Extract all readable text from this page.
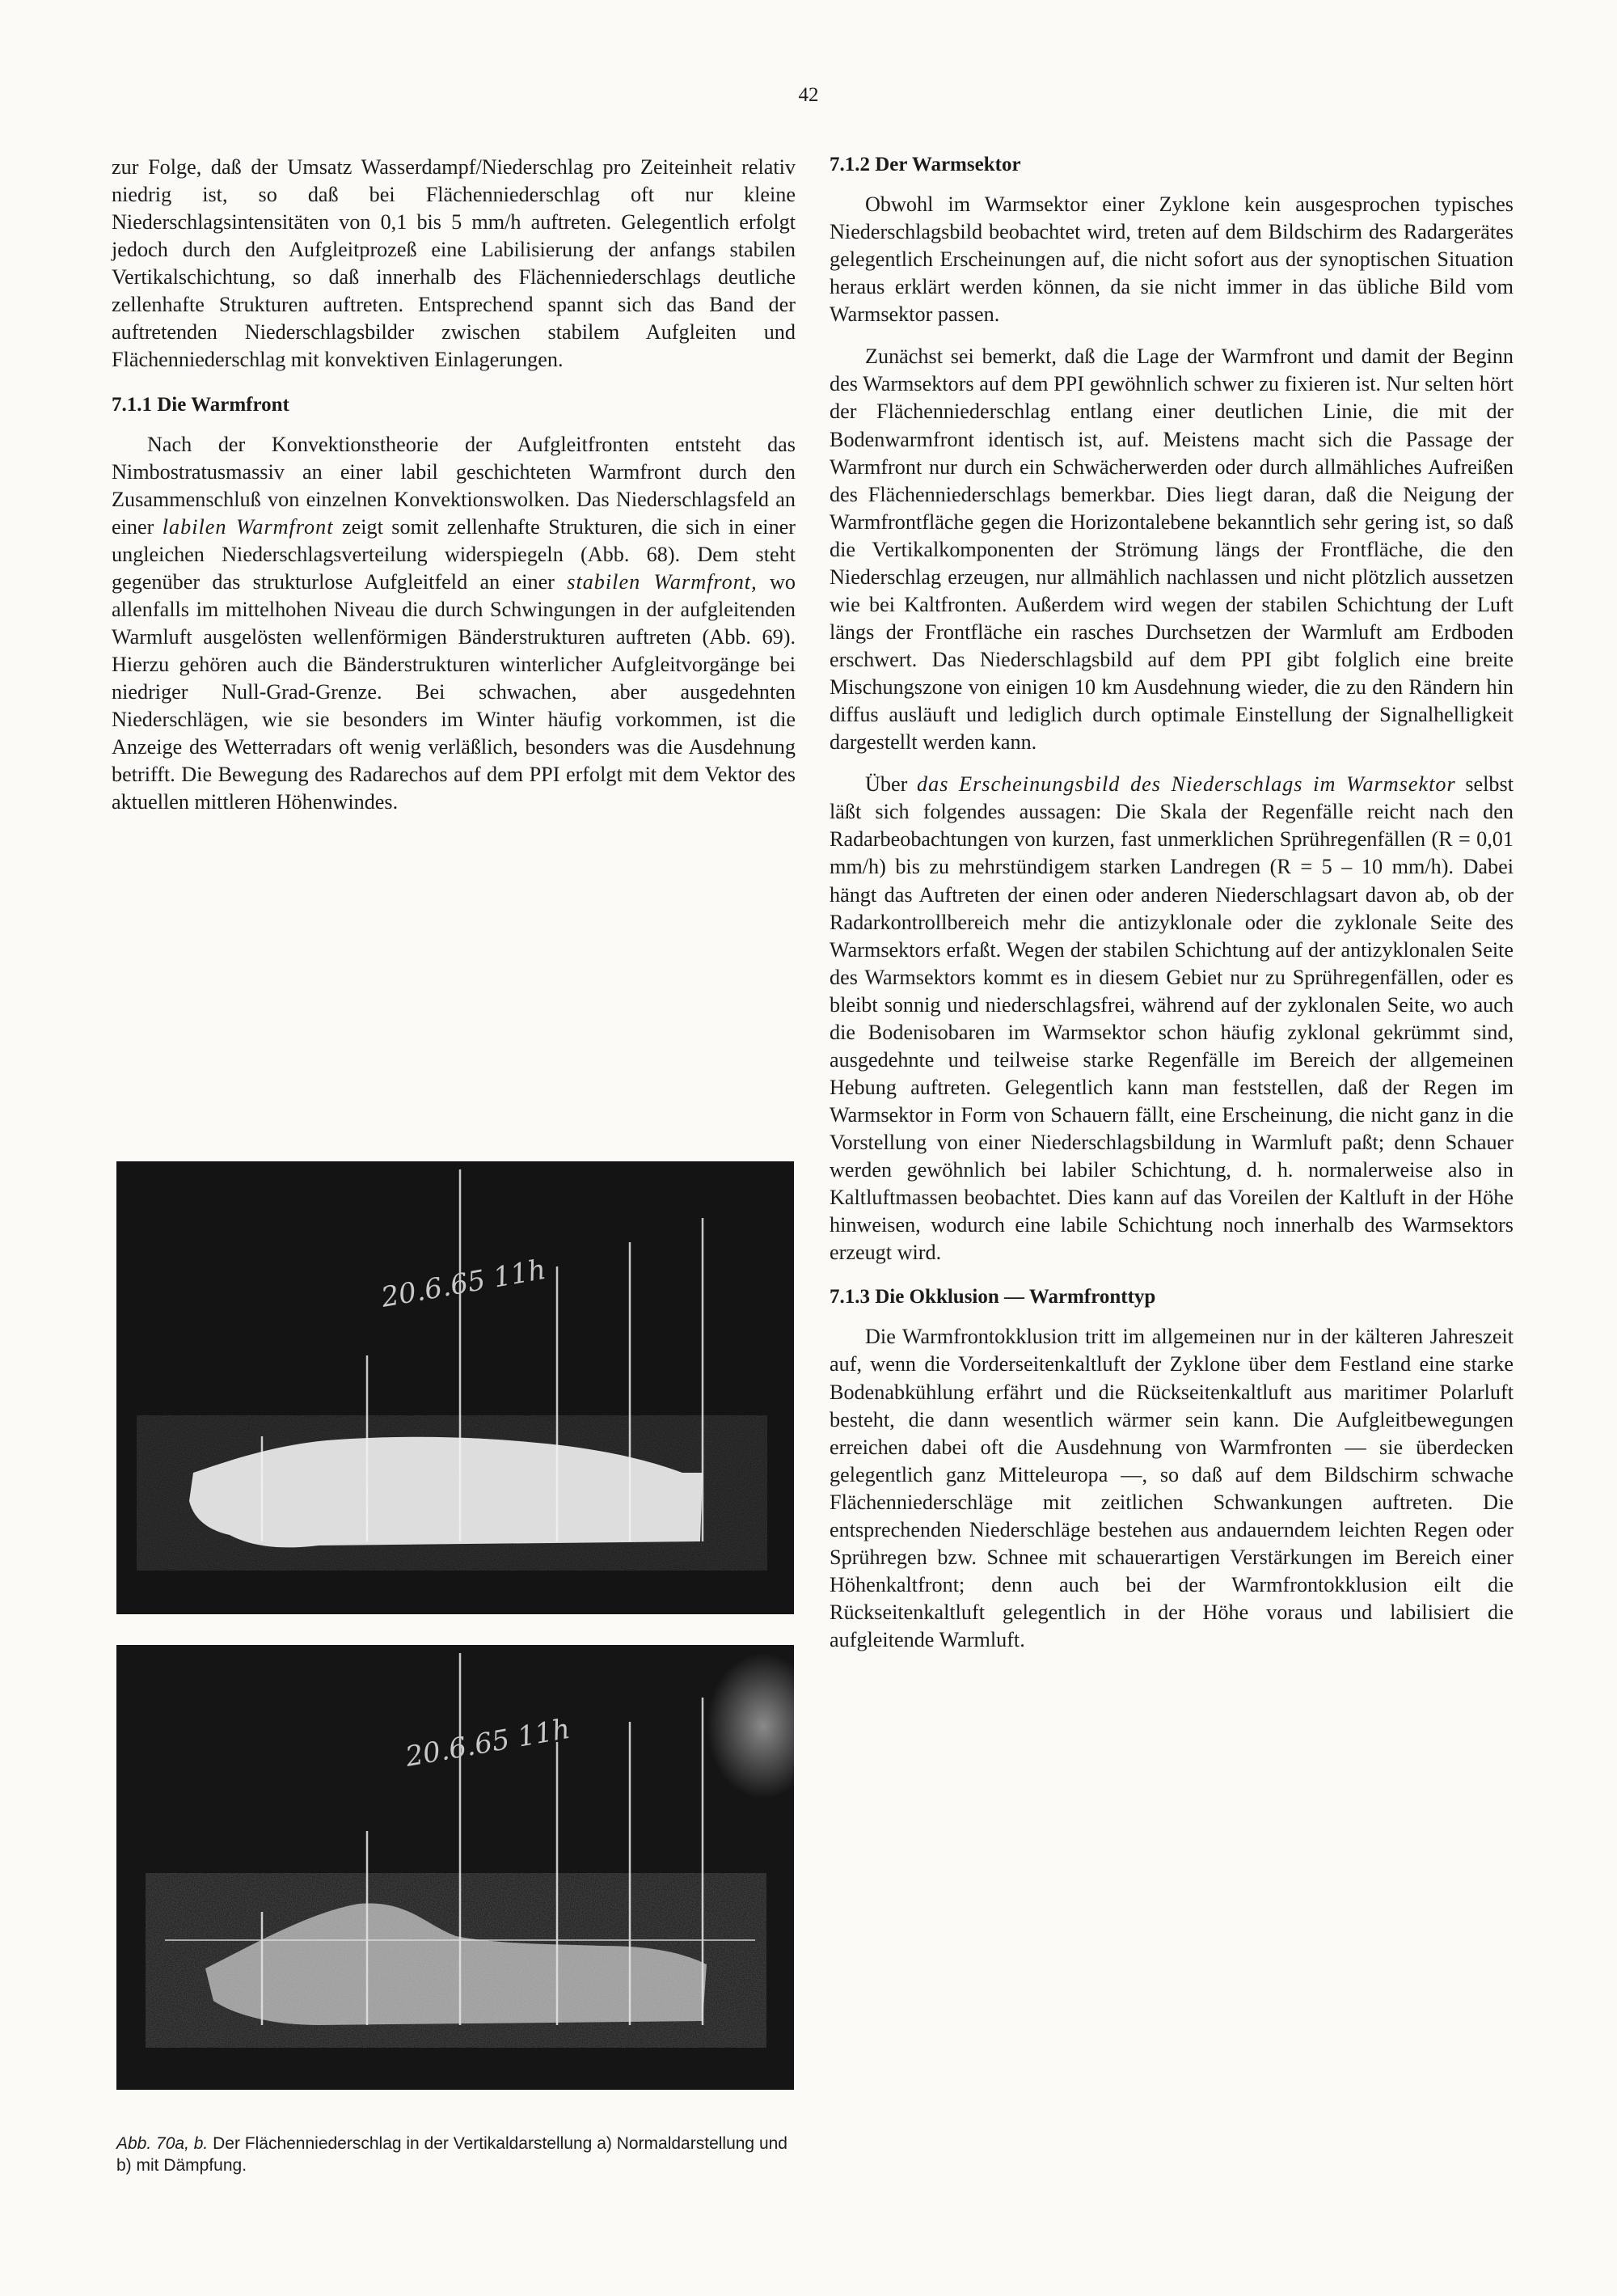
42

zur Folge, daß der Umsatz Wasserdampf/Niederschlag pro Zeiteinheit relativ niedrig ist, so daß bei Flächenniederschlag oft nur kleine Niederschlagsintensitäten von 0,1 bis 5 mm/h auftreten. Gelegentlich erfolgt jedoch durch den Aufgleitprozeß eine Labilisierung der anfangs stabilen Vertikalschichtung, so daß innerhalb des Flächenniederschlags deutliche zellenhafte Strukturen auftreten. Entsprechend spannt sich das Band der auftretenden Niederschlagsbilder zwischen stabilem Aufgleiten und Flächenniederschlag mit konvektiven Einlagerungen.

7.1.1 Die Warmfront

Nach der Konvektionstheorie der Aufgleitfronten entsteht das Nimbostratusmassiv an einer labil geschichteten Warmfront durch den Zusammenschluß von einzelnen Konvektionswolken. Das Niederschlagsfeld an einer labilen Warmfront zeigt somit zellenhafte Strukturen, die sich in einer ungleichen Niederschlagsverteilung widerspiegeln (Abb. 68). Dem steht gegenüber das strukturlose Aufgleitfeld an einer stabilen Warmfront, wo allenfalls im mittelhohen Niveau die durch Schwingungen in der aufgleitenden Warmluft ausgelösten wellenförmigen Bänderstrukturen auftreten (Abb. 69). Hierzu gehören auch die Bänderstrukturen winterlicher Aufgleitvorgänge bei niedriger Null-Grad-Grenze. Bei schwachen, aber ausgedehnten Niederschlägen, wie sie besonders im Winter häufig vorkommen, ist die Anzeige des Wetterradars oft wenig verläßlich, besonders was die Ausdehnung betrifft. Die Bewegung des Radarechos auf dem PPI erfolgt mit dem Vektor des aktuellen mittleren Höhenwindes.

20.6.65 11h
20.6.65 11h
Abb. 70a, b. Der Flächenniederschlag in der Vertikaldarstellung a) Normaldarstellung und b) mit Dämpfung.
7.1.2 Der Warmsektor

Obwohl im Warmsektor einer Zyklone kein ausgesprochen typisches Niederschlagsbild beobachtet wird, treten auf dem Bildschirm des Radargerätes gelegentlich Erscheinungen auf, die nicht sofort aus der synoptischen Situation heraus erklärt werden können, da sie nicht immer in das übliche Bild vom Warmsektor passen.

Zunächst sei bemerkt, daß die Lage der Warmfront und damit der Beginn des Warmsektors auf dem PPI gewöhnlich schwer zu fixieren ist. Nur selten hört der Flächenniederschlag entlang einer deutlichen Linie, die mit der Bodenwarmfront identisch ist, auf. Meistens macht sich die Passage der Warmfront nur durch ein Schwächerwerden oder durch allmähliches Aufreißen des Flächenniederschlags bemerkbar. Dies liegt daran, daß die Neigung der Warmfrontfläche gegen die Horizontalebene bekanntlich sehr gering ist, so daß die Vertikalkomponenten der Strömung längs der Frontfläche, die den Niederschlag erzeugen, nur allmählich nachlassen und nicht plötzlich aussetzen wie bei Kaltfronten. Außerdem wird wegen der stabilen Schichtung der Luft längs der Frontfläche ein rasches Durchsetzen der Warmluft am Erdboden erschwert. Das Niederschlagsbild auf dem PPI gibt folglich eine breite Mischungszone von einigen 10 km Ausdehnung wieder, die zu den Rändern hin diffus ausläuft und lediglich durch optimale Einstellung der Signalhelligkeit dargestellt werden kann.

Über das Erscheinungsbild des Niederschlags im Warmsektor selbst läßt sich folgendes aussagen: Die Skala der Regenfälle reicht nach den Radarbeobachtungen von kurzen, fast unmerklichen Sprühregenfällen (R = 0,01 mm/h) bis zu mehrstündigem starken Landregen (R = 5 – 10 mm/h). Dabei hängt das Auftreten der einen oder anderen Niederschlagsart davon ab, ob der Radarkontrollbereich mehr die antizyklonale oder die zyklonale Seite des Warmsektors erfaßt. Wegen der stabilen Schichtung auf der antizyklonalen Seite des Warmsektors kommt es in diesem Gebiet nur zu Sprühregenfällen, oder es bleibt sonnig und niederschlagsfrei, während auf der zyklonalen Seite, wo auch die Bodenisobaren im Warmsektor schon häufig zyklonal gekrümmt sind, ausgedehnte und teilweise starke Regenfälle im Bereich der allgemeinen Hebung auftreten. Gelegentlich kann man feststellen, daß der Regen im Warmsektor in Form von Schauern fällt, eine Erscheinung, die nicht ganz in die Vorstellung von einer Niederschlagsbildung in Warmluft paßt; denn Schauer werden gewöhnlich bei labiler Schichtung, d. h. normalerweise also in Kaltluftmassen beobachtet. Dies kann auf das Voreilen der Kaltluft in der Höhe hinweisen, wodurch eine labile Schichtung noch innerhalb des Warmsektors erzeugt wird.

7.1.3 Die Okklusion — Warmfronttyp

Die Warmfrontokklusion tritt im allgemeinen nur in der kälteren Jahreszeit auf, wenn die Vorderseitenkaltluft der Zyklone über dem Festland eine starke Bodenabkühlung erfährt und die Rückseitenkaltluft aus maritimer Polarluft besteht, die dann wesentlich wärmer sein kann. Die Aufgleitbewegungen erreichen dabei oft die Ausdehnung von Warmfronten — sie überdecken gelegentlich ganz Mitteleuropa —, so daß auf dem Bildschirm schwache Flächenniederschläge mit zeitlichen Schwankungen auftreten. Die entsprechenden Niederschläge bestehen aus andauerndem leichten Regen oder Sprühregen bzw. Schnee mit schauerartigen Verstärkungen im Bereich einer Höhenkaltfront; denn auch bei der Warmfrontokklusion eilt die Rückseitenkaltluft gelegentlich in der Höhe voraus und labilisiert die aufgleitende Warmluft.
